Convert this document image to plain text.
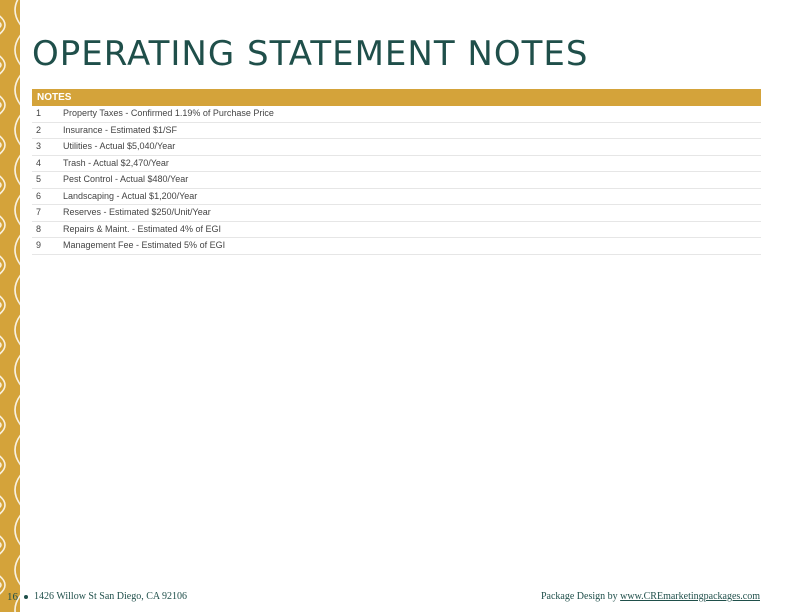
OPERATING STATEMENT NOTES
NOTES
1	Property Taxes - Confirmed 1.19% of Purchase Price
2	Insurance - Estimated $1/SF
3	Utilities - Actual $5,040/Year
4	Trash - Actual $2,470/Year
5	Pest Control - Actual $480/Year
6	Landscaping - Actual $1,200/Year
7	Reserves - Estimated $250/Unit/Year
8	Repairs & Maint. - Estimated 4% of EGI
9	Management Fee - Estimated 5% of EGI
16 1426 Willow St San Diego, CA 92106	Package Design by www.CREmarketingpackages.com
